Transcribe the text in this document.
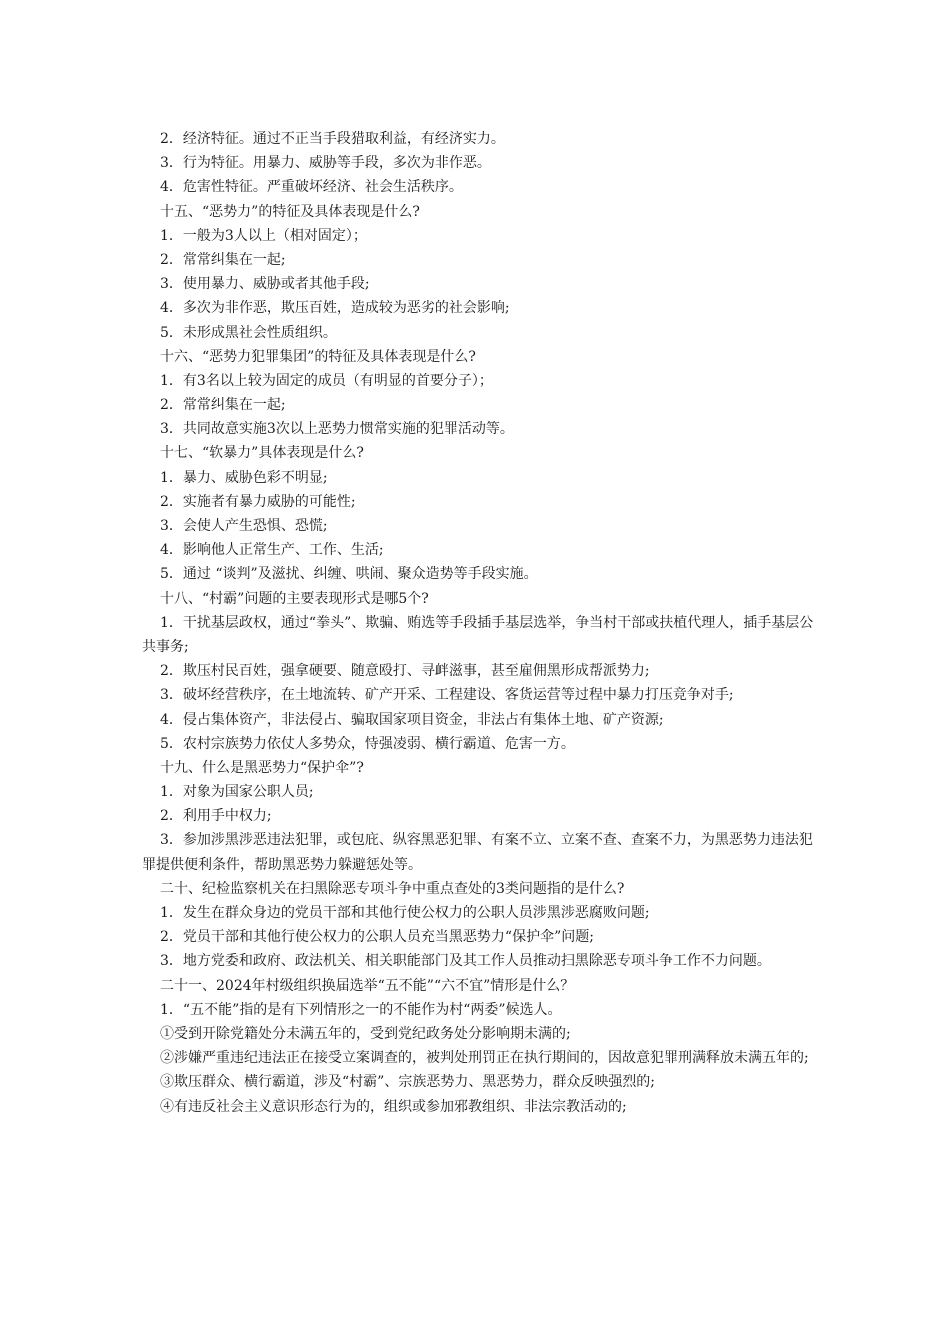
2．经济特征。通过不正当手段猎取利益，有经济实力。
3．行为特征。用暴力、威胁等手段，多次为非作恶。
4．危害性特征。严重破坏经济、社会生活秩序。
十五、“恶势力”的特征及具体表现是什么?
1．一般为3人以上（相对固定）；
2．常常纠集在一起;
3．使用暴力、威胁或者其他手段;
4．多次为非作恶，欺压百姓，造成较为恶劣的社会影响;
5．未形成黑社会性质组织。
十六、“恶势力犯罪集团”的特征及具体表现是什么?
1．有3名以上较为固定的成员（有明显的首要分子）；
2．常常纠集在一起;
3．共同故意实施3次以上恶势力惯常实施的犯罪活动等。
十七、“软暴力”具体表现是什么?
1．暴力、威胁色彩不明显;
2．实施者有暴力威胁的可能性;
3．会使人产生恐惧、恐慌;
4．影响他人正常生产、工作、生活;
5．通过 “谈判”及滋扰、纠缠、哄闹、聚众造势等手段实施。
十八、“村霸”问题的主要表现形式是哪5个?
1．干扰基层政权，通过“拳头”、欺骗、贿选等手段插手基层选举，争当村干部或扶植代理人，插手基层公共事务;
2．欺压村民百姓，强拿硬要、随意殴打、寻衅滋事，甚至雇佣黑形成帮派势力;
3．破坏经营秩序，在土地流转、矿产开采、工程建设、客货运营等过程中暴力打压竞争对手;
4．侵占集体资产，非法侵占、骗取国家项目资金，非法占有集体土地、矿产资源;
5．农村宗族势力依仗人多势众，恃强凌弱、横行霸道、危害一方。
十九、什么是黑恶势力“保护伞”?
1．对象为国家公职人员;
2．利用手中权力;
3．参加涉黑涉恶违法犯罪，或包庇、纵容黑恶犯罪、有案不立、立案不查、查案不力，为黑恶势力违法犯罪提供便利条件，帮助黑恶势力躲避惩处等。
二十、纪检监察机关在扫黑除恶专项斗争中重点查处的3类问题指的是什么?
1．发生在群众身边的党员干部和其他行使公权力的公职人员涉黑涉恶腐败问题;
2．党员干部和其他行使公权力的公职人员充当黑恶势力“保护伞”问题;
3．地方党委和政府、政法机关、相关职能部门及其工作人员推动扫黑除恶专项斗争工作不力问题。
二十一、2024年村级组织换届选举“五不能”“六不宜”情形是什么？
1．“五不能”指的是有下列情形之一的不能作为村“两委”候选人。
①受到开除党籍处分未满五年的，受到党纪政务处分影响期未满的;
②涉嫌严重违纪违法正在接受立案调查的，被判处刑罚正在执行期间的，因故意犯罪刑满释放未满五年的;
③欺压群众、横行霸道，涉及“村霸”、宗族恶势力、黑恶势力，群众反映强烈的;
④有违反社会主义意识形态行为的，组织或参加邪教组织、非法宗教活动的;
